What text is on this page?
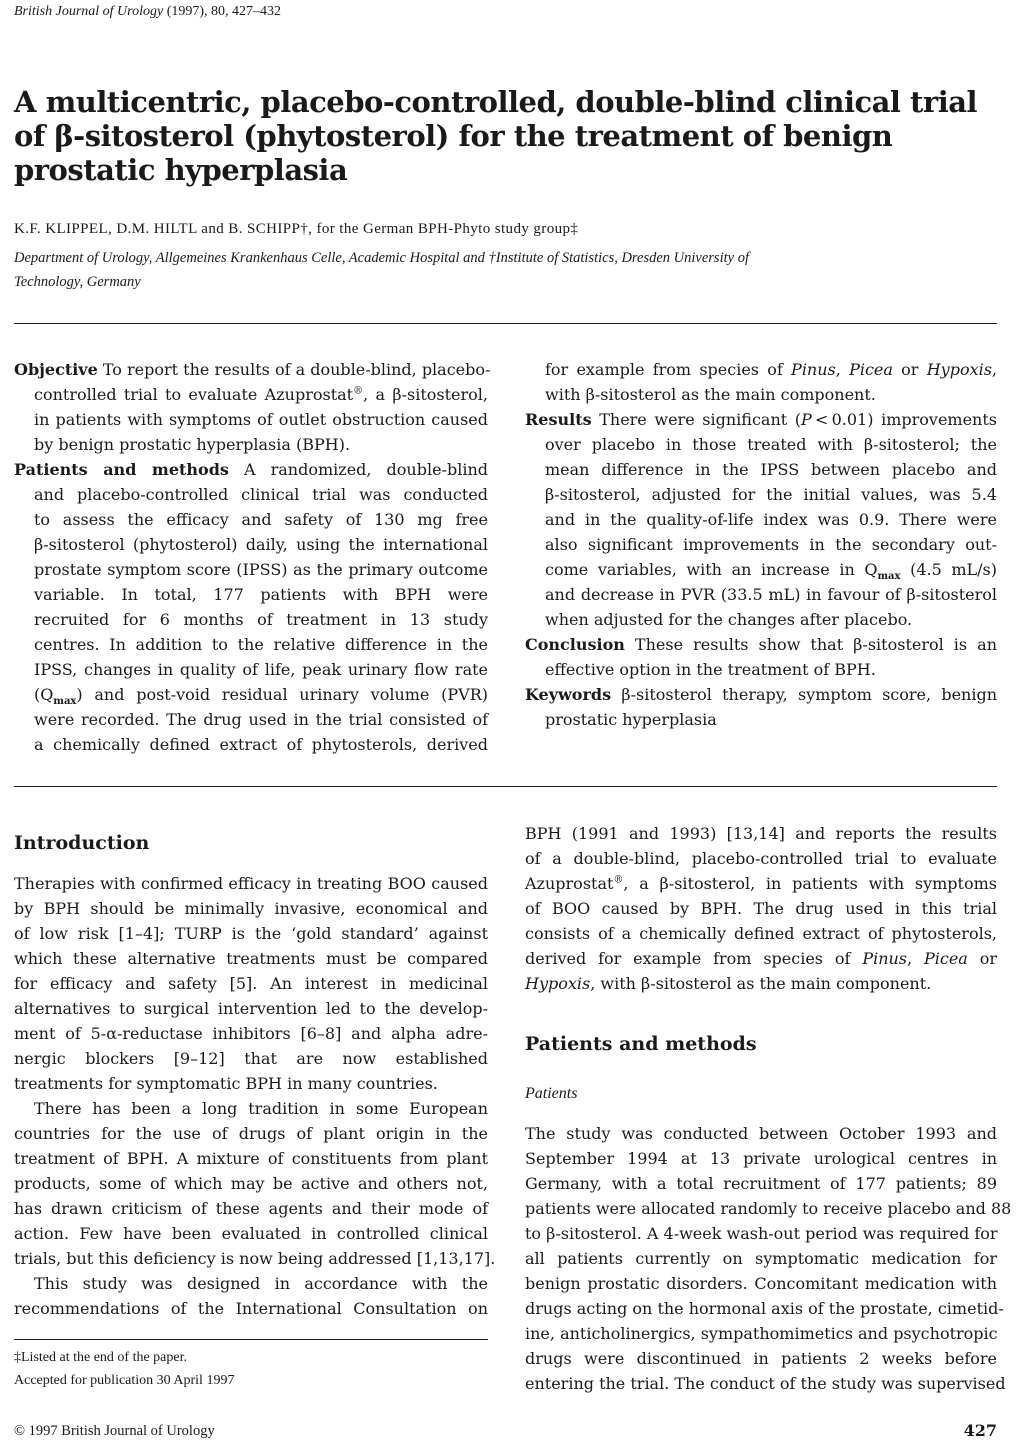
British Journal of Urology (1997), 80, 427–432
A multicentric, placebo-controlled, double-blind clinical trial
of β-sitosterol (phytosterol) for the treatment of benign
prostatic hyperplasia
K.F. KLIPPEL, D.M. HILTL and B. SCHIPP†, for the German BPH-Phyto study group‡
Department of Urology, Allgemeines Krankenhaus Celle, Academic Hospital and †Institute of Statistics, Dresden University of
Technology, Germany
Objective To report the results of a double-blind, placebo-
controlled trial to evaluate Azuprostat®, a β-sitosterol,
in patients with symptoms of outlet obstruction caused
by benign prostatic hyperplasia (BPH).
Patients and methods A randomized, double-blind
and placebo-controlled clinical trial was conducted
to assess the efficacy and safety of 130 mg free
β-sitosterol (phytosterol) daily, using the international
prostate symptom score (IPSS) as the primary outcome
variable. In total, 177 patients with BPH were
recruited for 6 months of treatment in 13 study
centres. In addition to the relative difference in the
IPSS, changes in quality of life, peak urinary flow rate
$(Q_{max})$ and post-void residual urinary volume (PVR)
were recorded. The drug used in the trial consisted of
a chemically defined extract of phytosterols, derived
for example from species of Pinus, Picea or Hypoxis,
with β-sitosterol as the main component.
Results There were significant (P < 0.01) improvements
over placebo in those treated with β-sitosterol; the
mean difference in the IPSS between placebo and
β-sitosterol, adjusted for the initial values, was 5.4
and in the quality-of-life index was 0.9. There were
also significant improvements in the secondary out-
come variables, with an increase in $Q_{max}$ (4.5 mL/s)
and decrease in PVR (33.5 mL) in favour of β-sitosterol
when adjusted for the changes after placebo.
Conclusion These results show that β-sitosterol is an
effective option in the treatment of BPH.
Keywords β-sitosterol therapy, symptom score, benign
prostatic hyperplasia
Introduction
Therapies with confirmed efficacy in treating BOO caused
by BPH should be minimally invasive, economical and
of low risk [1–4]; TURP is the ‘gold standard’ against
which these alternative treatments must be compared
for efficacy and safety [5]. An interest in medicinal
alternatives to surgical intervention led to the develop-
ment of 5-α-reductase inhibitors [6–8] and alpha adre-
nergic blockers [9–12] that are now established
treatments for symptomatic BPH in many countries.
There has been a long tradition in some European
countries for the use of drugs of plant origin in the
treatment of BPH. A mixture of constituents from plant
products, some of which may be active and others not,
has drawn criticism of these agents and their mode of
action. Few have been evaluated in controlled clinical
trials, but this deficiency is now being addressed [1,13,17].
This study was designed in accordance with the
recommendations of the International Consultation on
‡Listed at the end of the paper.
Accepted for publication 30 April 1997
BPH (1991 and 1993) [13,14] and reports the results
of a double-blind, placebo-controlled trial to evaluate
Azuprostat®, a β-sitosterol, in patients with symptoms
of BOO caused by BPH. The drug used in this trial
consists of a chemically defined extract of phytosterols,
derived for example from species of Pinus, Picea or
Hypoxis, with β-sitosterol as the main component.
Patients and methods
Patients
The study was conducted between October 1993 and
September 1994 at 13 private urological centres in
Germany, with a total recruitment of 177 patients; 89
patients were allocated randomly to receive placebo and 88
to β-sitosterol. A 4-week wash-out period was required for
all patients currently on symptomatic medication for
benign prostatic disorders. Concomitant medication with
drugs acting on the hormonal axis of the prostate, cimetid-
ine, anticholinergics, sympathomimetics and psychotropic
drugs were discontinued in patients 2 weeks before
entering the trial. The conduct of the study was supervised
© 1997 British Journal of Urology	427
